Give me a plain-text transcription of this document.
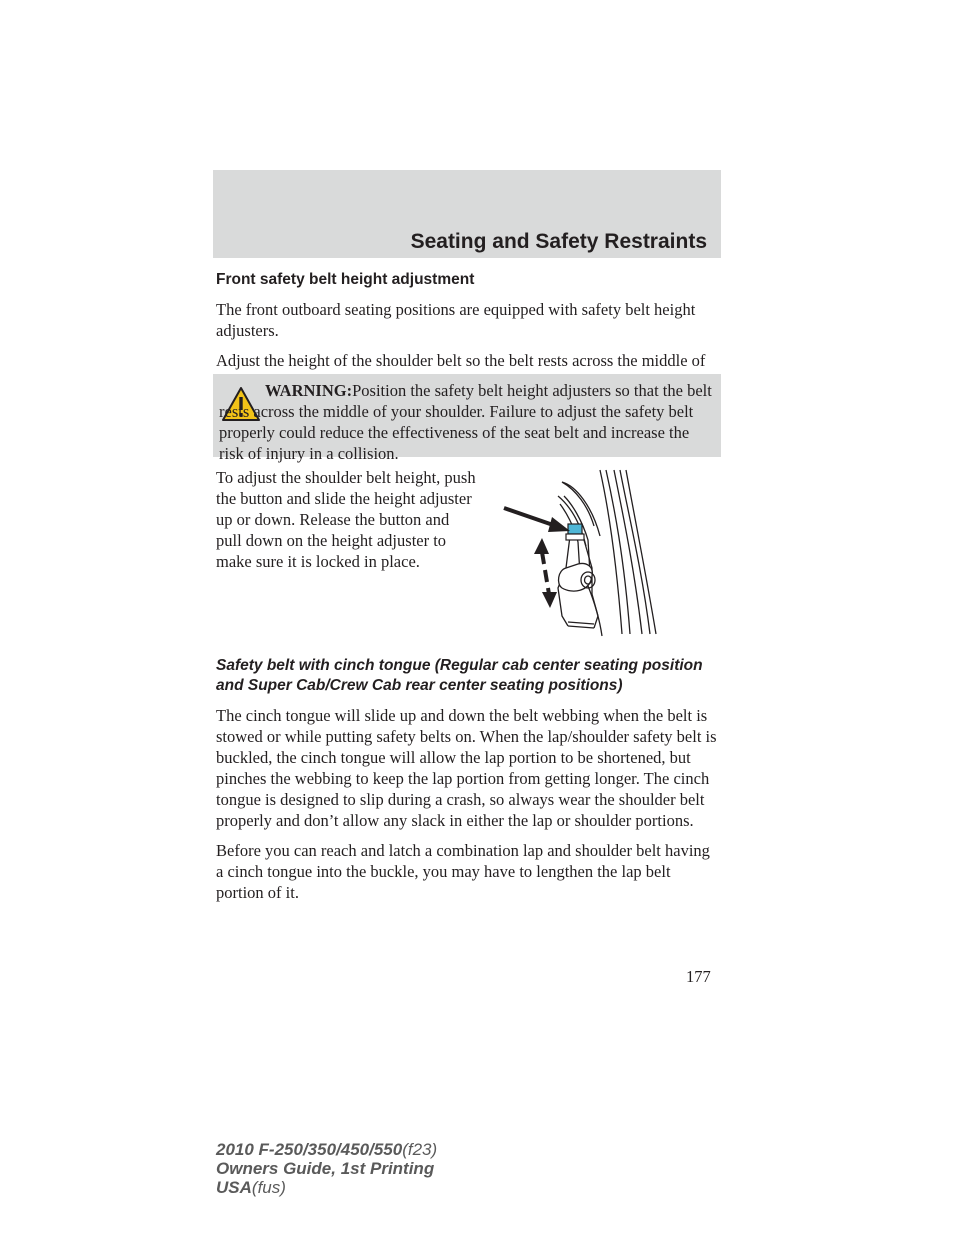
Seating and Safety Restraints

Front safety belt height adjustment

The front outboard seating positions are equipped with safety belt height adjusters.

Adjust the height of the shoulder belt so the belt rests across the middle of

WARNING:Position the safety belt height adjusters so that the belt rests across the middle of your shoulder. Failure to adjust the safety belt properly could reduce the effectiveness of the seat belt and increase the risk of injury in a collision.

To adjust the shoulder belt height, push the button and slide the height adjuster up or down. Release the button and pull down on the height adjuster to make sure it is locked in place.

Safety belt with cinch tongue (Regular cab center seating position and Super Cab/Crew Cab rear center seating positions)

The cinch tongue will slide up and down the belt webbing when the belt is stowed or while putting safety belts on. When the lap/shoulder safety belt is buckled, the cinch tongue will allow the lap portion to be shortened, but pinches the webbing to keep the lap portion from getting longer. The cinch tongue is designed to slip during a crash, so always wear the shoulder belt properly and don’t allow any slack in either the lap or shoulder portions.

Before you can reach and latch a combination lap and shoulder belt having a cinch tongue into the buckle, you may have to lengthen the lap belt portion of it.

177
2010 F-250/350/450/550(f23)
Owners Guide, 1st Printing
USA(fus)
